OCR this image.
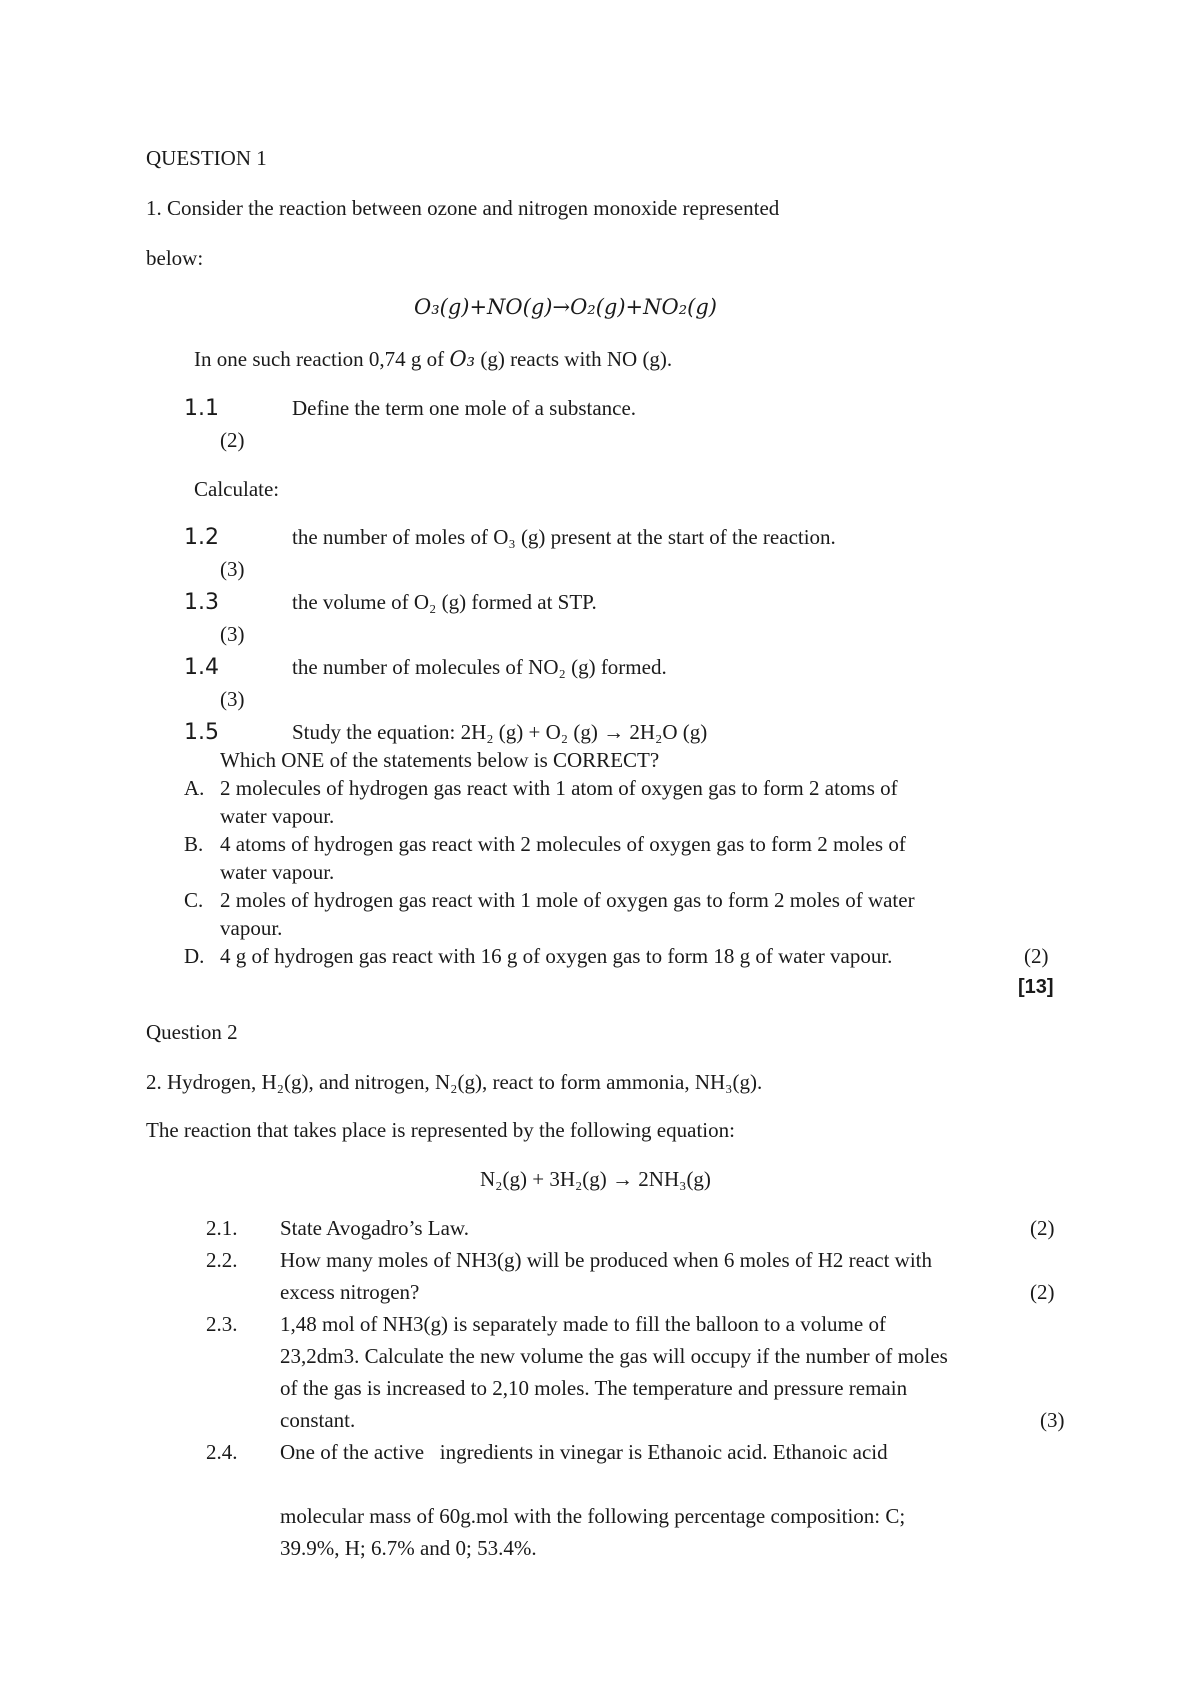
QUESTION 1
1. Consider the reaction between ozone and nitrogen monoxide represented
below:
O₃(g)+NO(g)→O₂(g)+NO₂(g)
In one such reaction 0,74 g of O₃ (g) reacts with NO (g).
1.1	Define the term one mole of a substance.
(2)
Calculate:
1.2	the number of moles of O₃ (g) present at the start of the reaction.
(3)
1.3	the volume of O₂ (g) formed at STP.
(3)
1.4	the number of molecules of NO₂ (g) formed.
(3)
1.5	Study the equation: 2H₂ (g) + O₂ (g) → 2H₂O (g)
Which ONE of the statements below is CORRECT?
A. 2 molecules of hydrogen gas react with 1 atom of oxygen gas to form 2 atoms of
water vapour.
B. 4 atoms of hydrogen gas react with 2 molecules of oxygen gas to form 2 moles of
water vapour.
C. 2 moles of hydrogen gas react with 1 mole of oxygen gas to form 2 moles of water
vapour.
D. 4 g of hydrogen gas react with 16 g of oxygen gas to form 18 g of water vapour.	(2)
[13]
Question 2
2. Hydrogen, H₂(g), and nitrogen, N₂(g), react to form ammonia, NH₃(g).
The reaction that takes place is represented by the following equation:
N₂(g) + 3H₂(g) → 2NH₃(g)
2.1. State Avogadro’s Law.	(2)
2.2. How many moles of NH3(g) will be produced when 6 moles of H2 react with
excess nitrogen?	(2)
2.3. 1,48 mol of NH3(g) is separately made to fill the balloon to a volume of
23,2dm3. Calculate the new volume the gas will occupy if the number of moles
of the gas is increased to 2,10 moles. The temperature and pressure remain
constant.	(3)
2.4. One of the active   ingredients in vinegar is Ethanoic acid. Ethanoic acid
molecular mass of 60g.mol with the following percentage composition: C;
39.9%, H; 6.7% and 0; 53.4%.
